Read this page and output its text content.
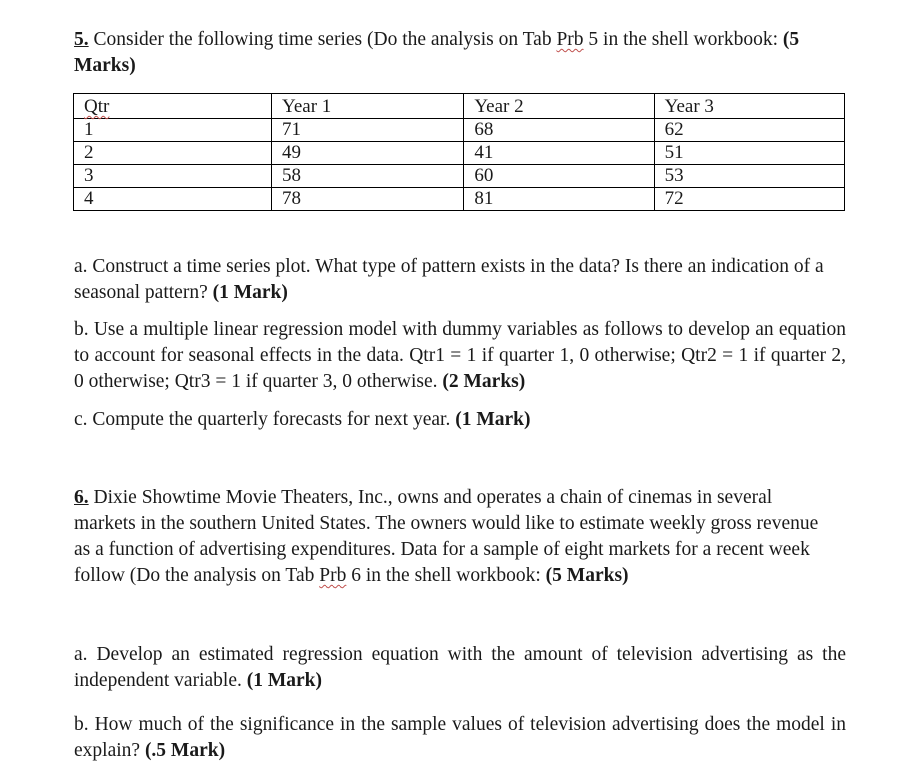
5. Consider the following time series (Do the analysis on Tab Prb 5 in the shell workbook: (5 Marks)
Qtr	Year 1	Year 2	Year 3
1	71	68	62
2	49	41	51
3	58	60	53
4	78	81	72
a. Construct a time series plot. What type of pattern exists in the data? Is there an indication of a seasonal pattern? (1 Mark)
b. Use a multiple linear regression model with dummy variables as follows to develop an equation to account for seasonal effects in the data. Qtr1 = 1 if quarter 1, 0 otherwise; Qtr2 = 1 if quarter 2, 0 otherwise; Qtr3 = 1 if quarter 3, 0 otherwise. (2 Marks)
c. Compute the quarterly forecasts for next year. (1 Mark)
6. Dixie Showtime Movie Theaters, Inc., owns and operates a chain of cinemas in several markets in the southern United States. The owners would like to estimate weekly gross revenue as a function of advertising expenditures. Data for a sample of eight markets for a recent week follow (Do the analysis on Tab Prb 6 in the shell workbook: (5 Marks)
a. Develop an estimated regression equation with the amount of television advertising as the independent variable. (1 Mark)
b. How much of the significance in the sample values of television advertising does the model in explain? (.5 Mark)
